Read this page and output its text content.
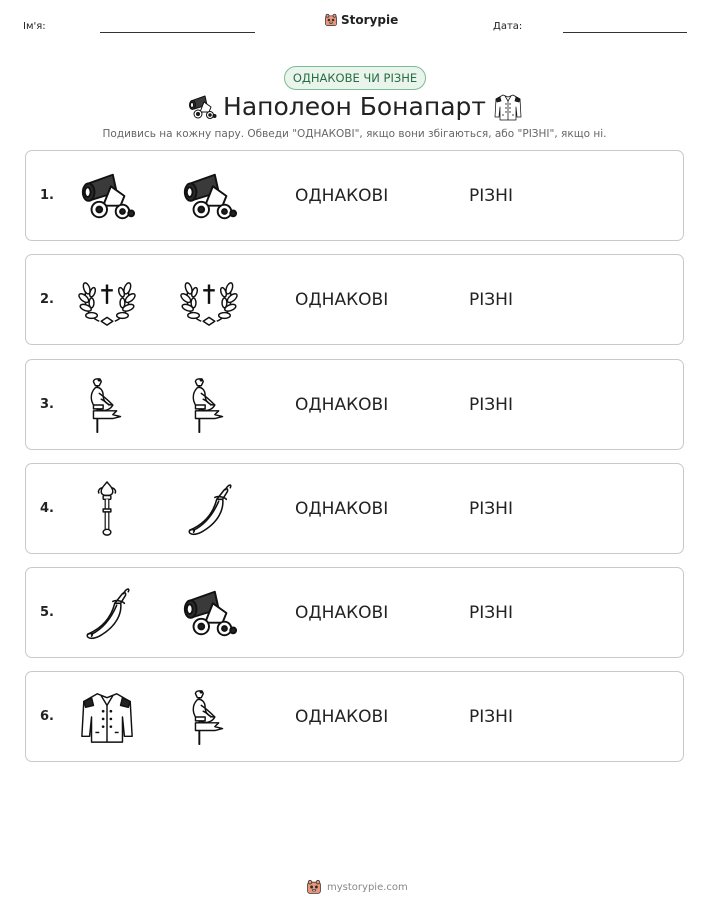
Ім'я:	Storypie	Дата:
ОДНАКОВЕ ЧИ РІЗНЕ
Наполеон Бонапарт
Подивись на кожну пару. Обведи "ОДНАКОВІ", якщо вони збігаються, або "РІЗНІ", якщо ні.
1.	ОДНАКОВІ	РІЗНІ
2.	ОДНАКОВІ	РІЗНІ
3.	ОДНАКОВІ	РІЗНІ
4.	ОДНАКОВІ	РІЗНІ
5.	ОДНАКОВІ	РІЗНІ
6.	ОДНАКОВІ	РІЗНІ
mystorypie.com
